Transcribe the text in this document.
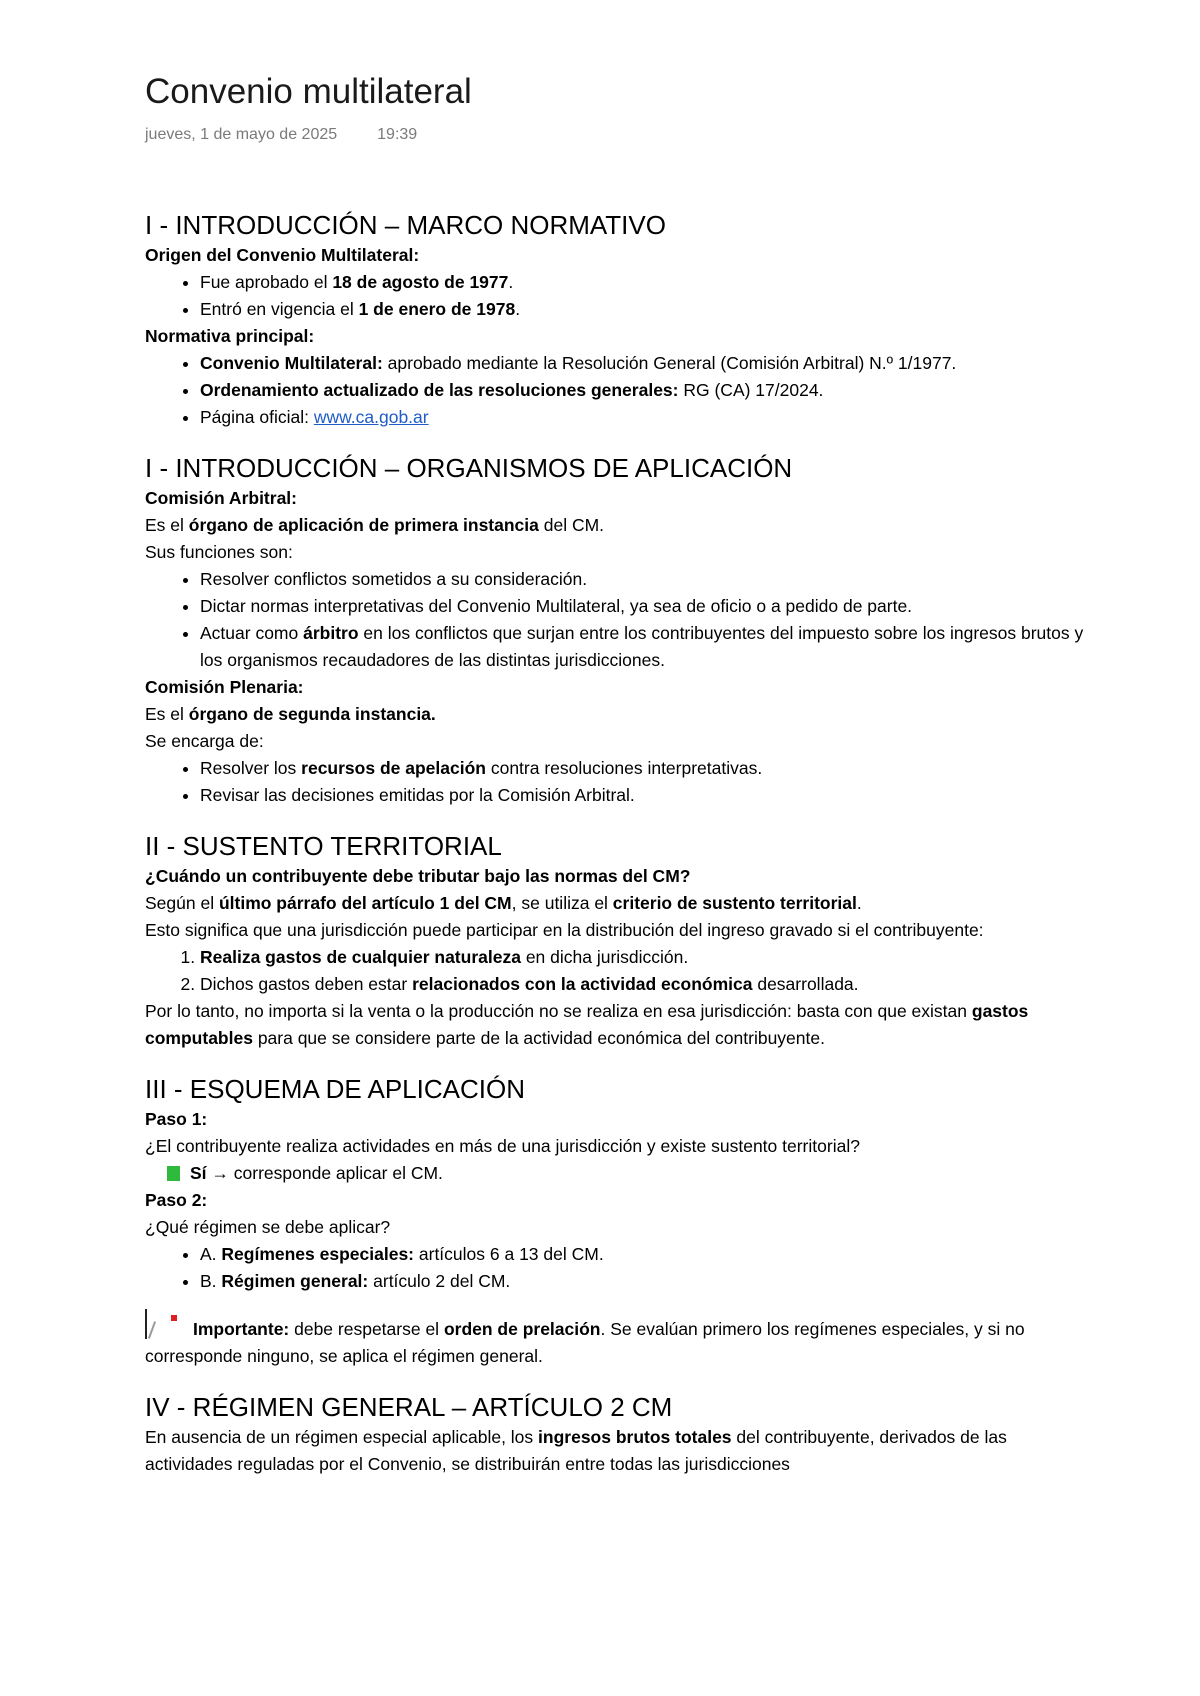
Convenio multilateral
jueves, 1 de mayo de 2025	19:39
I - INTRODUCCIÓN – MARCO NORMATIVO

Origen del Convenio Multilateral:

• Fue aprobado el 18 de agosto de 1977.
• Entró en vigencia el 1 de enero de 1978.

Normativa principal:

• Convenio Multilateral: aprobado mediante la Resolución General (Comisión Arbitral) N.º 1/1977.
• Ordenamiento actualizado de las resoluciones generales: RG (CA) 17/2024.
• Página oficial: www.ca.gob.ar
I - INTRODUCCIÓN – ORGANISMOS DE APLICACIÓN

Comisión Arbitral:

Es el órgano de aplicación de primera instancia del CM.

Sus funciones son:

• Resolver conflictos sometidos a su consideración.
• Dictar normas interpretativas del Convenio Multilateral, ya sea de oficio o a pedido de parte.
• Actuar como árbitro en los conflictos que surjan entre los contribuyentes del impuesto sobre los ingresos brutos y los organismos recaudadores de las distintas jurisdicciones.

Comisión Plenaria:

Es el órgano de segunda instancia.

Se encarga de:

• Resolver los recursos de apelación contra resoluciones interpretativas.
• Revisar las decisiones emitidas por la Comisión Arbitral.
II - SUSTENTO TERRITORIAL

¿Cuándo un contribuyente debe tributar bajo las normas del CM?

Según el último párrafo del artículo 1 del CM, se utiliza el criterio de sustento territorial.

Esto significa que una jurisdicción puede participar en la distribución del ingreso gravado si el contribuyente:

1. Realiza gastos de cualquier naturaleza en dicha jurisdicción.
2. Dichos gastos deben estar relacionados con la actividad económica desarrollada.

Por lo tanto, no importa si la venta o la producción no se realiza en esa jurisdicción: basta con que existan gastos computables para que se considere parte de la actividad económica del contribuyente.

III - ESQUEMA DE APLICACIÓN

Paso 1:

¿El contribuyente realiza actividades en más de una jurisdicción y existe sustento territorial?

Sí → corresponde aplicar el CM.

Paso 2:

¿Qué régimen se debe aplicar?

• A. Regímenes especiales: artículos 6 a 13 del CM.
• B. Régimen general: artículo 2 del CM.

Importante: debe respetarse el orden de prelación. Se evalúan primero los regímenes especiales, y si no corresponde ninguno, se aplica el régimen general.

IV - RÉGIMEN GENERAL – ARTÍCULO 2 CM

En ausencia de un régimen especial aplicable, los ingresos brutos totales del contribuyente, derivados de las actividades reguladas por el Convenio, se distribuirán entre todas las jurisdicciones
